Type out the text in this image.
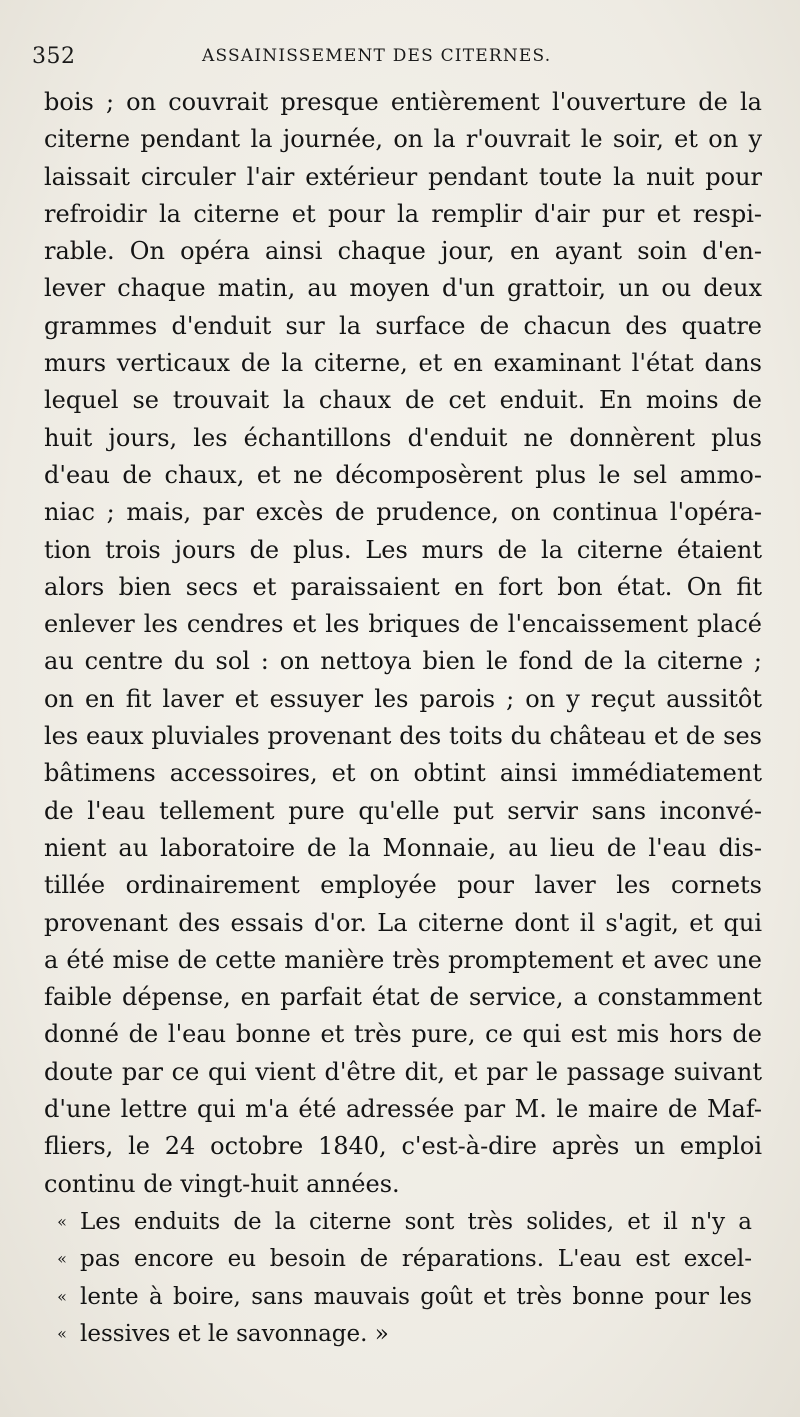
352	ASSAINISSEMENT DES CITERNES.
bois ; on couvrait presque entièrement l'ouverture de la
citerne pendant la journée, on la r'ouvrait le soir, et on y
laissait circuler l'air extérieur pendant toute la nuit pour
refroidir la citerne et pour la remplir d'air pur et respi-
rable. On opéra ainsi chaque jour, en ayant soin d'en-
lever chaque matin, au moyen d'un grattoir, un ou deux
grammes d'enduit sur la surface de chacun des quatre
murs verticaux de la citerne, et en examinant l'état dans
lequel se trouvait la chaux de cet enduit. En moins de
huit jours, les échantillons d'enduit ne donnèrent plus
d'eau de chaux, et ne décomposèrent plus le sel ammo-
niac ; mais, par excès de prudence, on continua l'opéra-
tion trois jours de plus. Les murs de la citerne étaient
alors bien secs et paraissaient en fort bon état. On fit
enlever les cendres et les briques de l'encaissement placé
au centre du sol : on nettoya bien le fond de la citerne ;
on en fit laver et essuyer les parois ; on y reçut aussitôt
les eaux pluviales provenant des toits du château et de ses
bâtimens accessoires, et on obtint ainsi immédiatement
de l'eau tellement pure qu'elle put servir sans inconvé-
nient au laboratoire de la Monnaie, au lieu de l'eau dis-
tillée ordinairement employée pour laver les cornets
provenant des essais d'or. La citerne dont il s'agit, et qui
a été mise de cette manière très promptement et avec une
faible dépense, en parfait état de service, a constamment
donné de l'eau bonne et très pure, ce qui est mis hors de
doute par ce qui vient d'être dit, et par le passage suivant
d'une lettre qui m'a été adressée par M. le maire de Maf-
fliers, le 24 octobre 1840, c'est-à-dire après un emploi
continu de vingt-huit années.
« Les enduits de la citerne sont très solides, et il n'y a
« pas encore eu besoin de réparations. L'eau est excel-
« lente à boire, sans mauvais goût et très bonne pour les
« lessives et le savonnage. »
